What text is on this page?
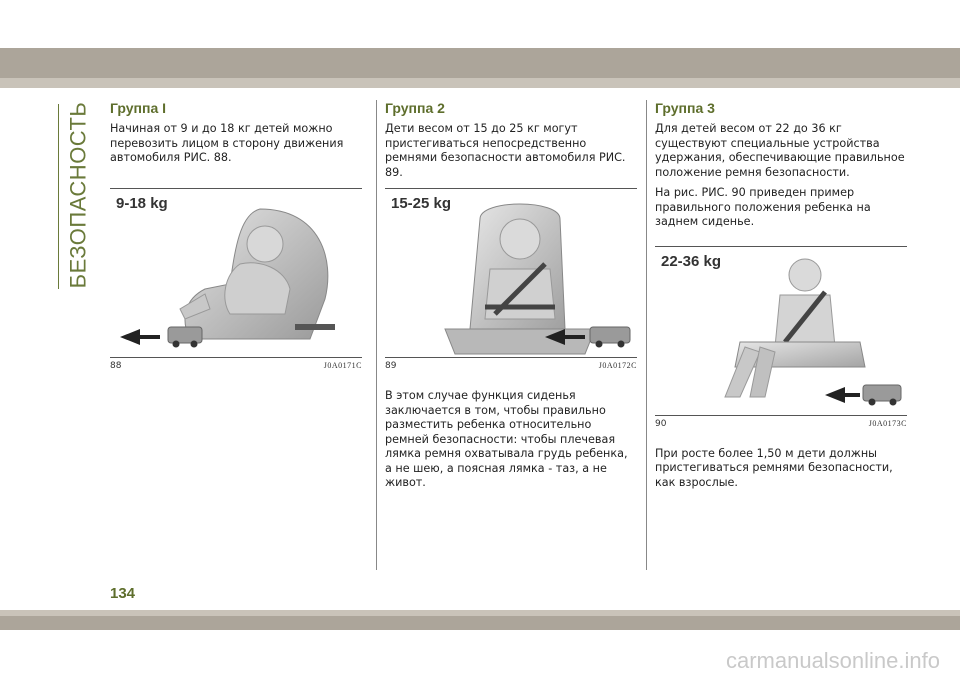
БЕЗОПАСНОСТЬ Группа I

Начиная от 9 и до 18 кг детей можно перевозить лицом в сторону движения автомобиля РИС. 88.

9-18 kg
88	J0A0171C
Группа 2

Дети весом от 15 до 25 кг могут пристегиваться непосредственно ремнями безопасности автомобиля РИС. 89.

15-25 kg
89	J0A0172C

В этом случае функция сиденья заключается в том, чтобы правильно разместить ребенка относительно ремней безопасности: чтобы плечевая лямка ремня охватывала грудь ребенка, а не шею, а поясная лямка - таз, а не живот.

Группа 3

Для детей весом от 22 до 36 кг существуют специальные устройства удержания, обеспечивающие правильное положение ремня безопасности.

На рис. РИС. 90 приведен пример правильного положения ребенка на заднем сиденье.

22-36 kg
90	J0A0173C

При росте более 1,50 м дети должны пристегиваться ремнями безопасности, как взрослые.

134
carmanualsonline.info
